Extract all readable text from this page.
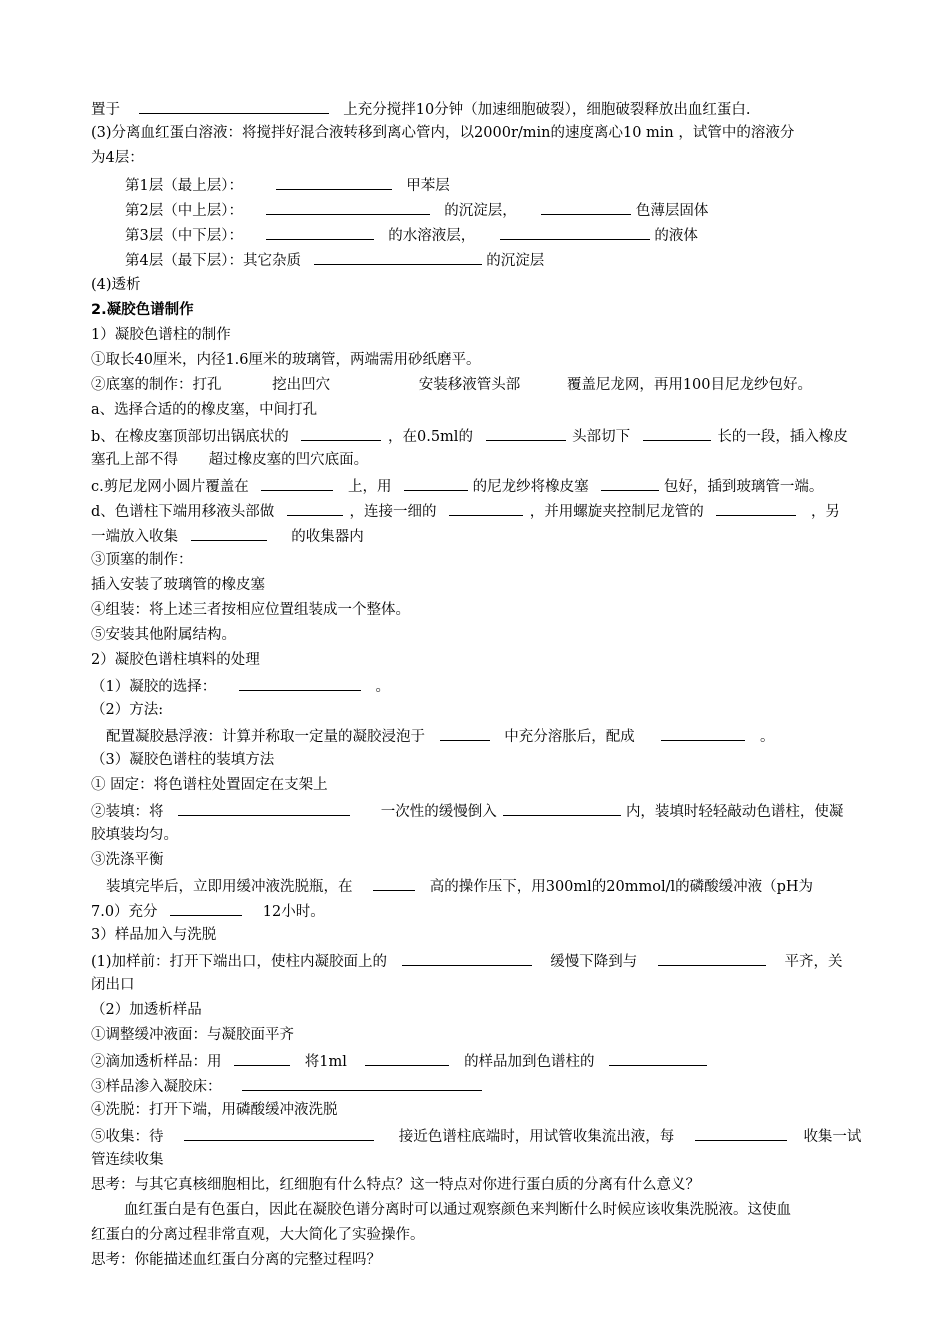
置于	上充分搅拌10分钟（加速细胞破裂），细胞破裂释放出血红蛋白.
(3)分离血红蛋白溶液：将搅拌好混合液转移到离心管内，以2000r/min的速度离心10 min ，试管中的溶液分
为4层：
第1层（最上层）：	甲苯层
第2层（中上层）：	的沉淀层，	色薄层固体
第3层（中下层）：	的水溶液层，	的液体
第4层（最下层）：其它杂质	的沉淀层
(4)透析
2.凝胶色谱制作
1）凝胶色谱柱的制作
①取长40厘米，内径1.6厘米的玻璃管，两端需用砂纸磨平。
②底塞的制作：打孔	挖出凹穴	安装移液管头部	覆盖尼龙网，再用100目尼龙纱包好。
a、选择合适的的橡皮塞，中间打孔
b、在橡皮塞顶部切出锅底状的	，在0.5ml的	头部切下	长的一段，插入橡皮
塞孔上部不得 超过橡皮塞的凹穴底面。
c.剪尼龙网小圆片覆盖在	上，用	的尼龙纱将橡皮塞	包好，插到玻璃管一端。
d、色谱柱下端用移液头部做	，连接一细的	，并用螺旋夹控制尼龙管的	，另
一端放入收集	的收集器内
③顶塞的制作：
插入安装了玻璃管的橡皮塞
④组装：将上述三者按相应位置组装成一个整体。
⑤安装其他附属结构。
2）凝胶色谱柱填料的处理
（1）凝胶的选择：	。
（2）方法:
配置凝胶悬浮液：计算并称取一定量的凝胶浸泡于	中充分溶胀后，配成	。
（3）凝胶色谱柱的装填方法
① 固定：将色谱柱处置固定在支架上
②装填：将	一次性的缓慢倒入	内，装填时轻轻敲动色谱柱，使凝
胶填装均匀。
③洗涤平衡
装填完毕后，立即用缓冲液洗脱瓶，在	高的操作压下，用300ml的20mmol/l的磷酸缓冲液（pH为
7.0）充分	12小时。
3）样品加入与洗脱
(1)加样前：打开下端出口，使柱内凝胶面上的	缓慢下降到与	平齐，关
闭出口
（2）加透析样品
①调整缓冲液面：与凝胶面平齐
②滴加透析样品：用	将1ml	的样品加到色谱柱的
③样品渗入凝胶床：
④洗脱：打开下端，用磷酸缓冲液洗脱
⑤收集：待	接近色谱柱底端时，用试管收集流出液，每	收集一试
管连续收集
思考：与其它真核细胞相比，红细胞有什么特点？这一特点对你进行蛋白质的分离有什么意义？
血红蛋白是有色蛋白，因此在凝胶色谱分离时可以通过观察颜色来判断什么时候应该收集洗脱液。这使血
红蛋白的分离过程非常直观，大大简化了实验操作。
思考：你能描述血红蛋白分离的完整过程吗？
